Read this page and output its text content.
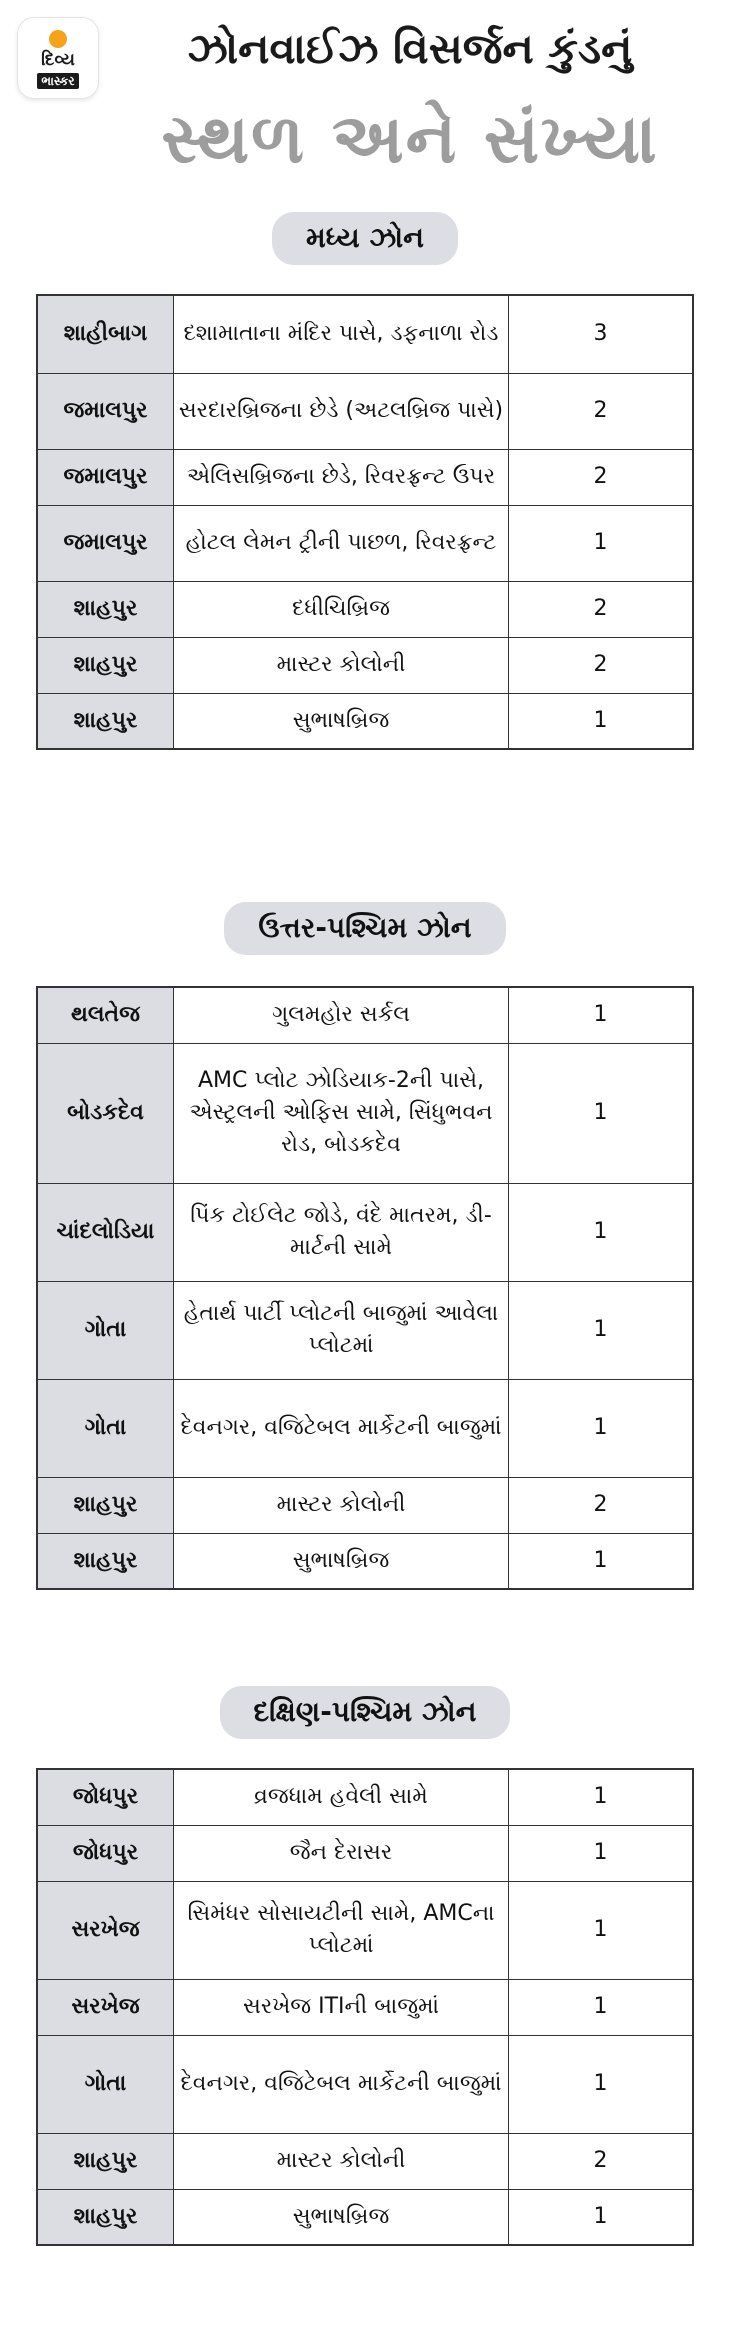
દિવ્ય
ભાસ્કર
ઝોનવાઈઝ વિસર્જન કુંડનું
સ્થળ અને સંખ્યા
મધ્ય ઝોન
શાહીબાગ	દશામાતાના મંદિર પાસે, ડફનાળા રોડ	3
જમાલપુર	સરદારબ્રિજના છેડે (અટલબ્રિજ પાસે)	2
જમાલપુર	એલિસબ્રિજના છેડે, રિવરફ્રન્ટ ઉપર	2
જમાલપુર	હોટલ લેમન ટ્રીની પાછળ, રિવરફ્રન્ટ	1
શાહપુર	દધીચિબ્રિજ	2
શાહપુર	માસ્ટર કોલોની	2
શાહપુર	સુભાષબ્રિજ	1
ઉત્તર-પશ્ચિમ ઝોન
થલતેજ	ગુલમહોર સર્કલ	1
બોડકદેવ	AMC પ્લોટ ઝોડિયાક-2ની પાસે, એસ્ટ્રલની ઓફિસ સામે, સિંધુભવન રોડ, બોડકદેવ	1
ચાંદલોડિયા	પિંક ટોઈલેટ જોડે, વંદે માતરમ, ડી-માર્ટની સામે	1
ગોતા	હેતાર્થ પાર્ટી પ્લોટની બાજુમાં આવેલા પ્લોટમાં	1
ગોતા	દેવનગર, વજિટેબલ માર્કેટની બાજુમાં	1
શાહપુર	માસ્ટર કોલોની	2
શાહપુર	સુભાષબ્રિજ	1
દક્ષિણ-પશ્ચિમ ઝોન
જોધપુર	વ્રજધામ હવેલી સામે	1
જોધપુર	જૈન દેરાસર	1
સરખેજ	સિમંધર સોસાયટીની સામે, AMCના પ્લોટમાં	1
સરખેજ	સરખેજ ITIની બાજુમાં	1
ગોતા	દેવનગર, વજિટેબલ માર્કેટની બાજુમાં	1
શાહપુર	માસ્ટર કોલોની	2
શાહપુર	સુભાષબ્રિજ	1
